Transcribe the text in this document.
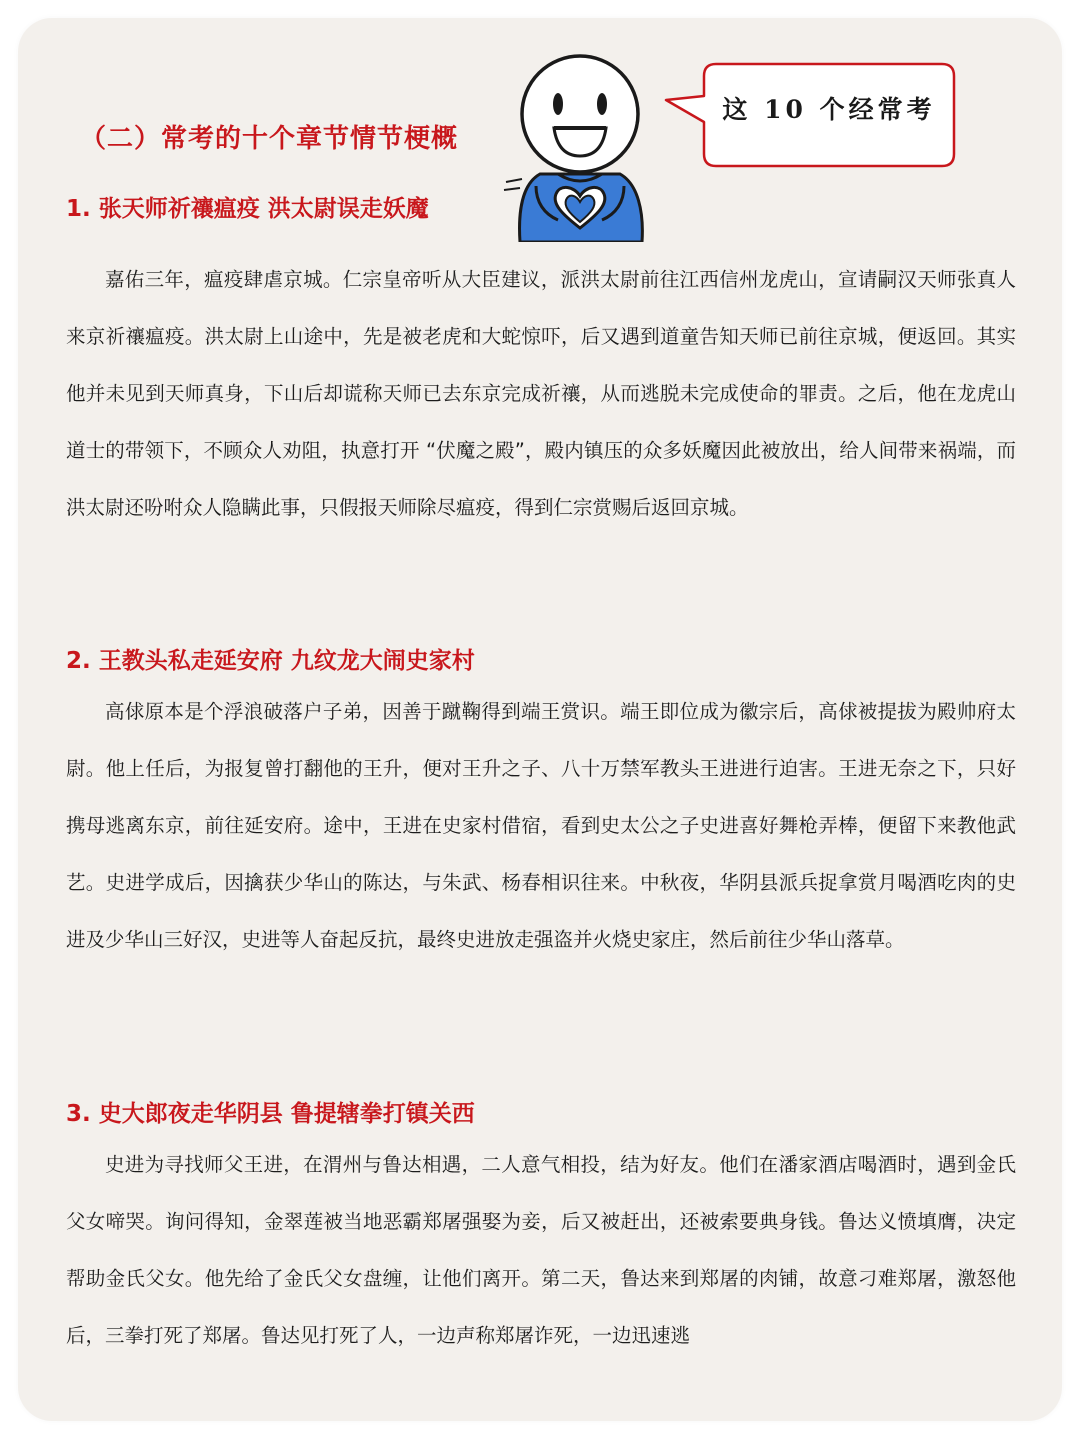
（二）常考的十个章节情节梗概
这 10 个经常考
1. 张天师祈禳瘟疫 洪太尉误走妖魔

嘉佑三年，瘟疫肆虐京城。仁宗皇帝听从大臣建议，派洪太尉前往江西信州龙虎山，宣请嗣汉天师张真人来京祈禳瘟疫。洪太尉上山途中，先是被老虎和大蛇惊吓，后又遇到道童告知天师已前往京城，便返回。其实他并未见到天师真身，下山后却谎称天师已去东京完成祈禳，从而逃脱未完成使命的罪责。之后，他在龙虎山道士的带领下，不顾众人劝阻，执意打开 “伏魔之殿”，殿内镇压的众多妖魔因此被放出，给人间带来祸端，而洪太尉还吩咐众人隐瞒此事，只假报天师除尽瘟疫，得到仁宗赏赐后返回京城。

2. 王教头私走延安府 九纹龙大闹史家村

高俅原本是个浮浪破落户子弟，因善于蹴鞠得到端王赏识。端王即位成为徽宗后，高俅被提拔为殿帅府太尉。他上任后，为报复曾打翻他的王升，便对王升之子、八十万禁军教头王进进行迫害。王进无奈之下，只好携母逃离东京，前往延安府。途中，王进在史家村借宿，看到史太公之子史进喜好舞枪弄棒，便留下来教他武艺。史进学成后，因擒获少华山的陈达，与朱武、杨春相识往来。中秋夜，华阴县派兵捉拿赏月喝酒吃肉的史进及少华山三好汉，史进等人奋起反抗，最终史进放走强盗并火烧史家庄，然后前往少华山落草。

3. 史大郎夜走华阴县 鲁提辖拳打镇关西

史进为寻找师父王进，在渭州与鲁达相遇，二人意气相投，结为好友。他们在潘家酒店喝酒时，遇到金氏父女啼哭。询问得知，金翠莲被当地恶霸郑屠强娶为妾，后又被赶出，还被索要典身钱。鲁达义愤填膺，决定帮助金氏父女。他先给了金氏父女盘缠，让他们离开。第二天，鲁达来到郑屠的肉铺，故意刁难郑屠，激怒他后，三拳打死了郑屠。鲁达见打死了人，一边声称郑屠诈死，一边迅速逃
